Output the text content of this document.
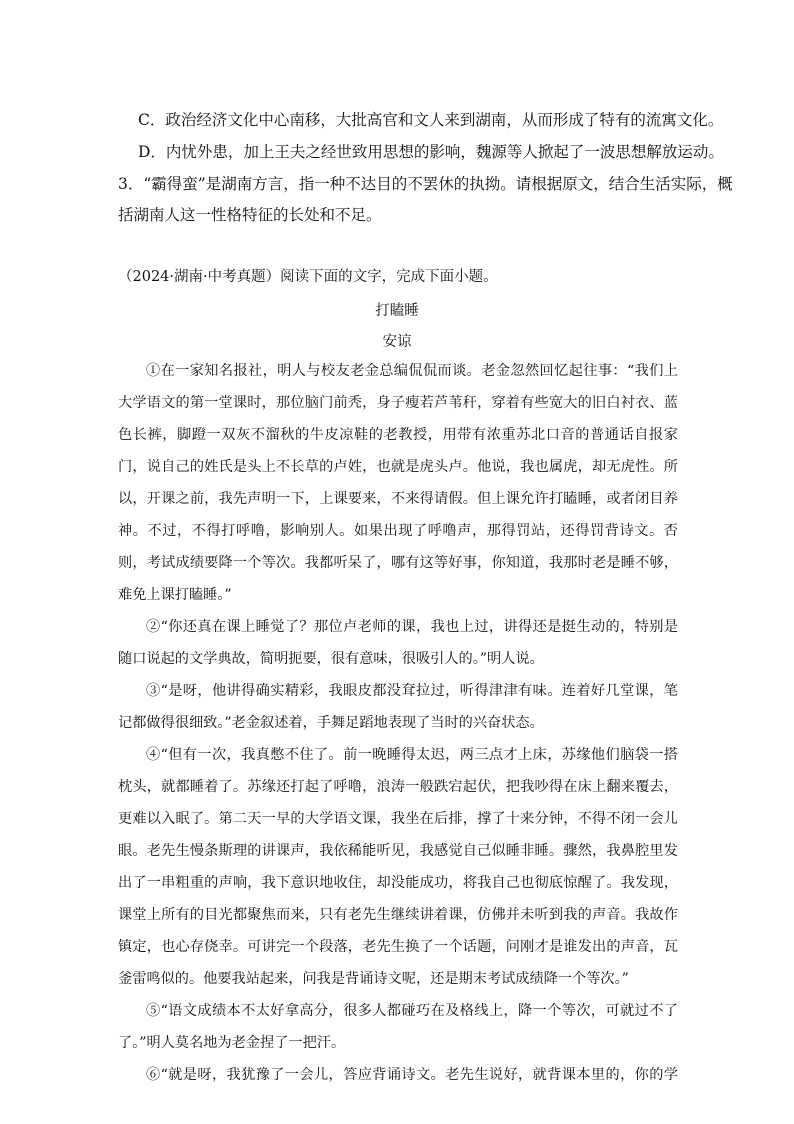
C．政治经济文化中心南移，大批高官和文人来到湖南，从而形成了特有的流寓文化。
D．内忧外患，加上王夫之经世致用思想的影响，魏源等人掀起了一波思想解放运动。
3．“霸得蛮”是湖南方言，指一种不达目的不罢休的执拗。请根据原文，结合生活实际，概
括湖南人这一性格特征的长处和不足。
（2024·湖南·中考真题）阅读下面的文字，完成下面小题。
打瞌睡
安谅

①在一家知名报社，明人与校友老金总编侃侃而谈。老金忽然回忆起往事：“我们上大学语文的第一堂课时，那位脑门前秃，身子瘦若芦苇秆，穿着有些宽大的旧白衬衣、蓝色长裤，脚蹬一双灰不溜秋的牛皮凉鞋的老教授，用带有浓重苏北口音的普通话自报家门，说自己的姓氏是头上不长草的卢姓，也就是虎头卢。他说，我也属虎，却无虎性。所以，开课之前，我先声明一下，上课要来，不来得请假。但上课允许打瞌睡，或者闭目养神。不过，不得打呼噜，影响别人。如果出现了呼噜声，那得罚站，还得罚背诗文。否则，考试成绩要降一个等次。我都听呆了，哪有这等好事，你知道，我那时老是睡不够，难免上课打瞌睡。”

②“你还真在课上睡觉了？那位卢老师的课，我也上过，讲得还是挺生动的，特别是随口说起的文学典故，简明扼要，很有意味，很吸引人的。”明人说。

③“是呀，他讲得确实精彩，我眼皮都没耷拉过，听得津津有味。连着好几堂课，笔记都做得很细致。”老金叙述着，手舞足蹈地表现了当时的兴奋状态。

④“但有一次，我真憋不住了。前一晚睡得太迟，两三点才上床，苏缘他们脑袋一搭枕头，就都睡着了。苏缘还打起了呼噜，浪涛一般跌宕起伏，把我吵得在床上翻来覆去，更难以入眠了。第二天一早的大学语文课，我坐在后排，撑了十来分钟，不得不闭一会儿眼。老先生慢条斯理的讲课声，我依稀能听见，我感觉自己似睡非睡。骤然，我鼻腔里发出了一串粗重的声响，我下意识地收住，却没能成功，将我自己也彻底惊醒了。我发现，课堂上所有的目光都聚焦而来，只有老先生继续讲着课，仿佛并未听到我的声音。我故作镇定，也心存侥幸。可讲完一个段落，老先生换了一个话题，问刚才是谁发出的声音，瓦釜雷鸣似的。他要我站起来，问我是背诵诗文呢，还是期末考试成绩降一个等次。”

⑤“语文成绩本不太好拿高分，很多人都碰巧在及格线上，降一个等次，可就过不了了。”明人莫名地为老金捏了一把汗。

⑥“就是呀，我犹豫了一会儿，答应背诵诗文。老先生说好，就背课本里的，你的学
